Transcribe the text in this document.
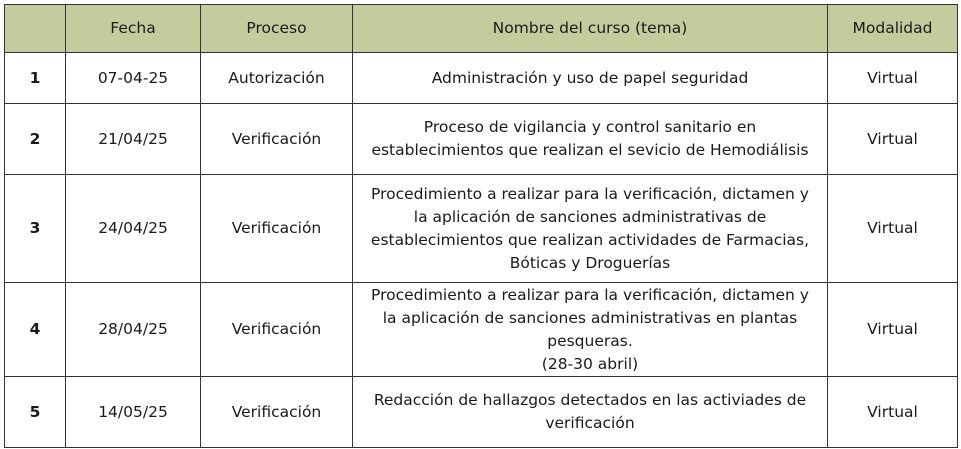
	Fecha	Proceso	Nombre del curso (tema)	Modalidad
1	07-04-25	Autorización	Administración y uso de papel seguridad	Virtual
2	21/04/25	Verificación	Proceso de vigilancia y control sanitario en
establecimientos que realizan el sevicio de Hemodiálisis	Virtual
3	24/04/25	Verificación	Procedimiento a realizar para la verificación, dictamen y
la aplicación de sanciones administrativas de
establecimientos que realizan actividades de Farmacias,
Bóticas y Droguerías	Virtual
4	28/04/25	Verificación	Procedimiento a realizar para la verificación, dictamen y
la aplicación de sanciones administrativas en plantas
pesqueras.
(28-30 abril)	Virtual
5	14/05/25	Verificación	Redacción de hallazgos detectados en las activiades de
verificación	Virtual
